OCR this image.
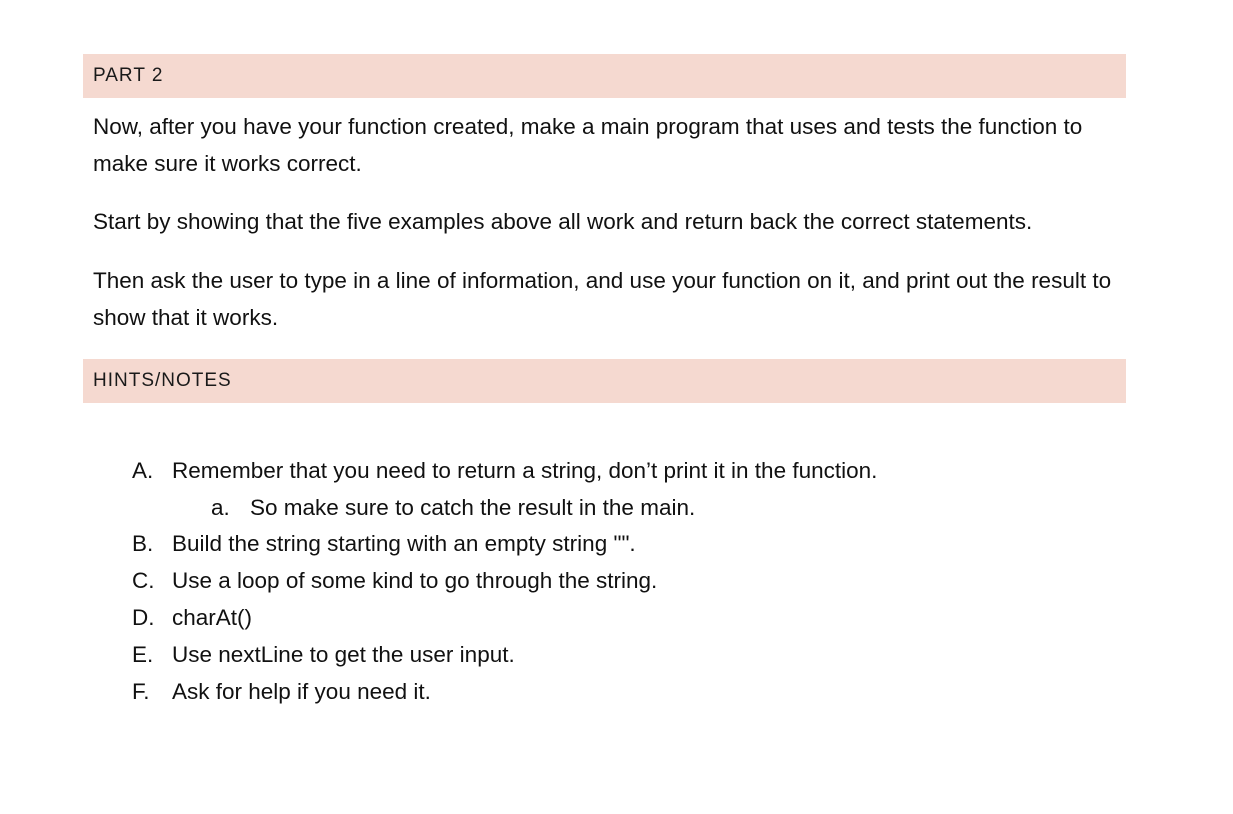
PART 2

Now, after you have your function created, make a main program that uses and tests the function to make sure it works correct.

Start by showing that the five examples above all work and return back the correct statements.

Then ask the user to type in a line of information, and use your function on it, and print out the result to show that it works.

HINTS/NOTES
A. Remember that you need to return a string, don’t print it in the function.
a. So make sure to catch the result in the main.
B. Build the string starting with an empty string "".
C. Use a loop of some kind to go through the string.
D. charAt()
E. Use nextLine to get the user input.
F. Ask for help if you need it.
